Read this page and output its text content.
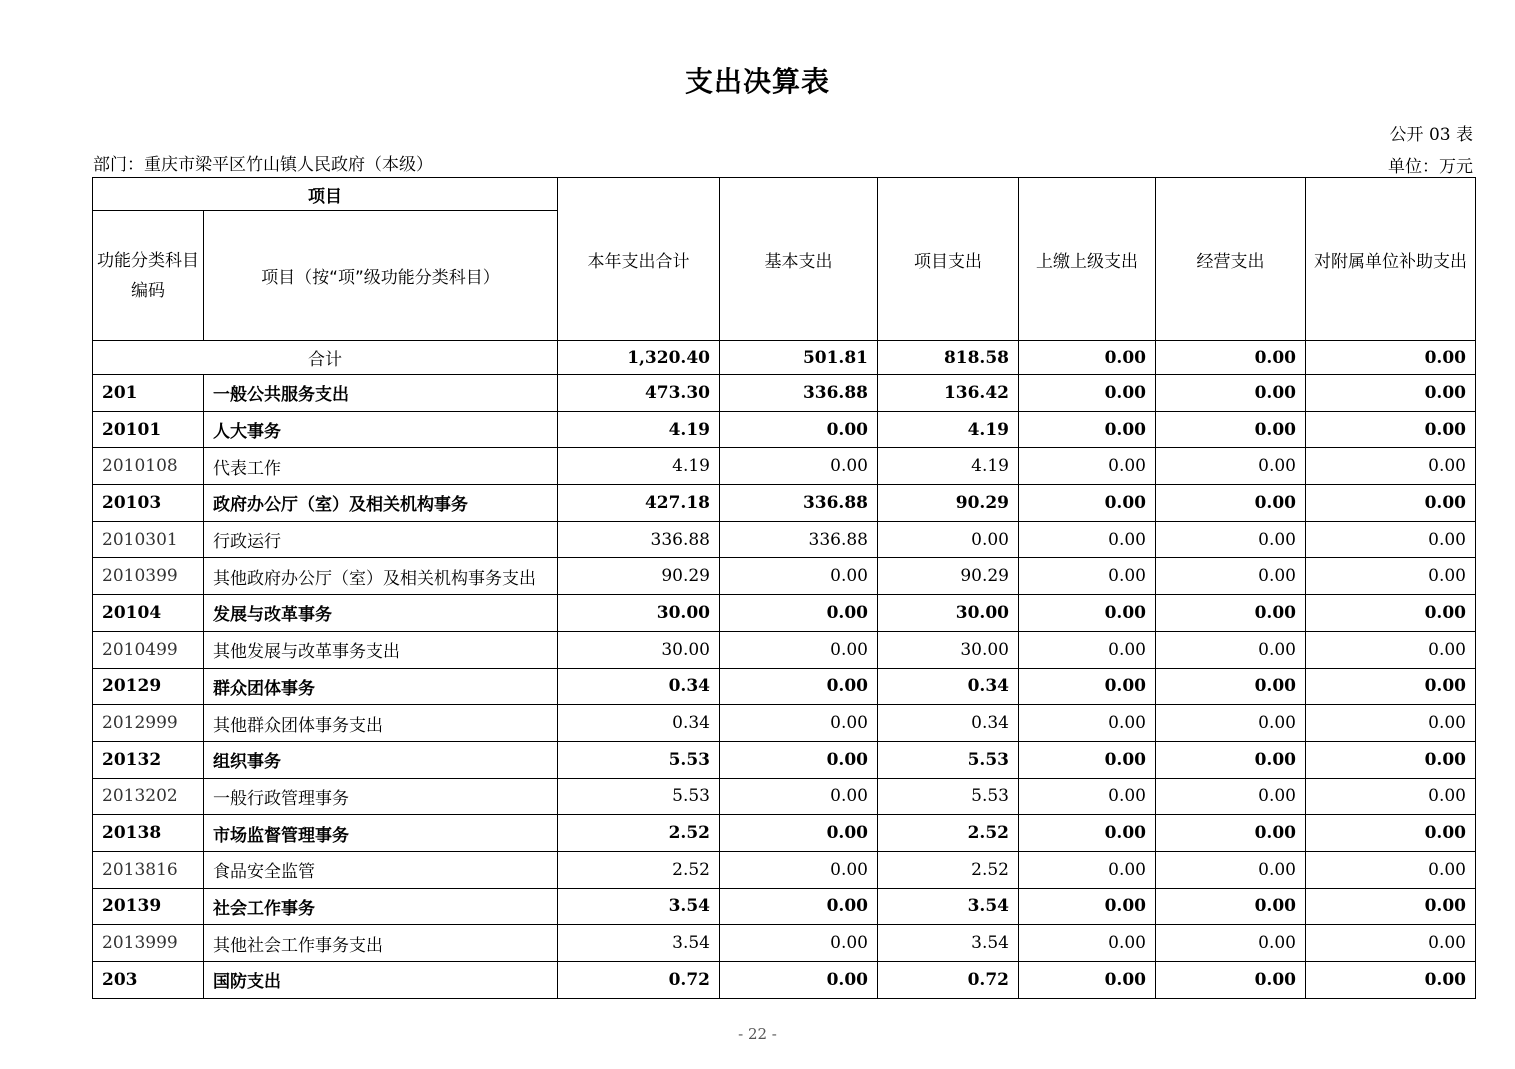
支出决算表
公开 03 表
部门：重庆市梁平区竹山镇人民政府（本级）	单位：万元
项目		本年支出合计	基本支出	项目支出	上缴上级支出	经营支出	对附属单位补助支出
功能分类科目编码	项目（按“项”级功能分类科目）						
合计		1,320.40	501.81	818.58	0.00	0.00	0.00
201	一般公共服务支出	473.30	336.88	136.42	0.00	0.00	0.00
20101	人大事务	4.19	0.00	4.19	0.00	0.00	0.00
2010108	代表工作	4.19	0.00	4.19	0.00	0.00	0.00
20103	政府办公厅（室）及相关机构事务	427.18	336.88	90.29	0.00	0.00	0.00
2010301	行政运行	336.88	336.88	0.00	0.00	0.00	0.00
2010399	其他政府办公厅（室）及相关机构事务支出	90.29	0.00	90.29	0.00	0.00	0.00
20104	发展与改革事务	30.00	0.00	30.00	0.00	0.00	0.00
2010499	其他发展与改革事务支出	30.00	0.00	30.00	0.00	0.00	0.00
20129	群众团体事务	0.34	0.00	0.34	0.00	0.00	0.00
2012999	其他群众团体事务支出	0.34	0.00	0.34	0.00	0.00	0.00
20132	组织事务	5.53	0.00	5.53	0.00	0.00	0.00
2013202	一般行政管理事务	5.53	0.00	5.53	0.00	0.00	0.00
20138	市场监督管理事务	2.52	0.00	2.52	0.00	0.00	0.00
2013816	食品安全监管	2.52	0.00	2.52	0.00	0.00	0.00
20139	社会工作事务	3.54	0.00	3.54	0.00	0.00	0.00
2013999	其他社会工作事务支出	3.54	0.00	3.54	0.00	0.00	0.00
203	国防支出	0.72	0.00	0.72	0.00	0.00	0.00
- 22 -
